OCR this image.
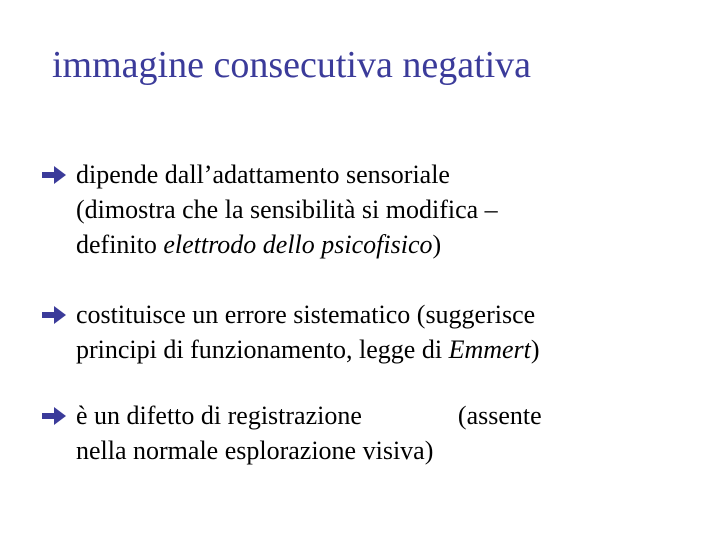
immagine consecutiva negativa
dipende dall’adattamento sensoriale
(dimostra che la sensibilità si modifica –
definito elettrodo dello psicofisico)
costituisce un errore sistematico (suggerisce
principi di funzionamento, legge di Emmert)
è un difetto di registrazione	(assente
nella normale esplorazione visiva)
